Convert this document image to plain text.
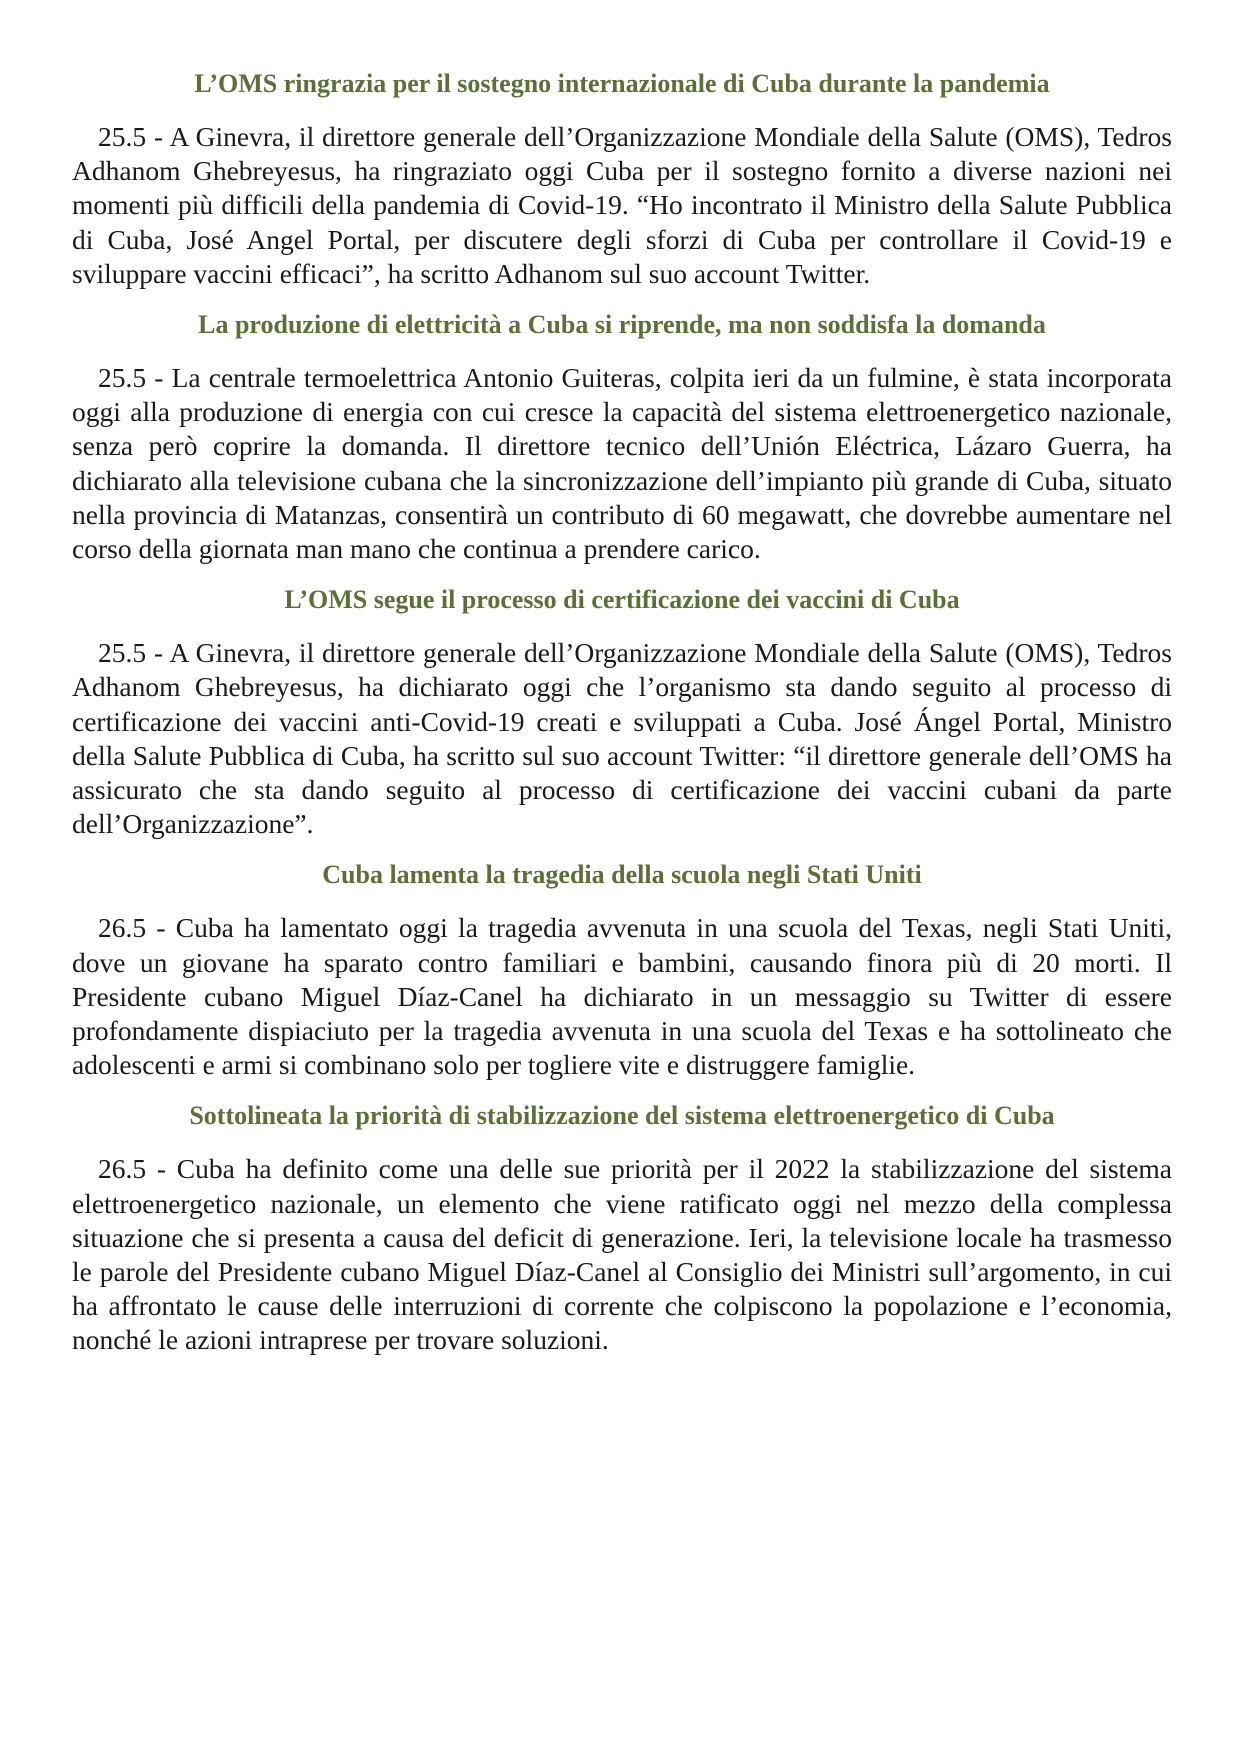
L’OMS ringrazia per il sostegno internazionale di Cuba durante la pandemia

25.5 - A Ginevra, il direttore generale dell’Organizzazione Mondiale della Salute (OMS), Tedros Adhanom Ghebreyesus, ha ringraziato oggi Cuba per il sostegno fornito a diverse nazioni nei momenti più difficili della pandemia di Covid-19. “Ho incontrato il Ministro della Salute Pubblica di Cuba, José Angel Portal, per discutere degli sforzi di Cuba per controllare il Covid-19 e sviluppare vaccini efficaci”, ha scritto Adhanom sul suo account Twitter.

La produzione di elettricità a Cuba si riprende, ma non soddisfa la domanda

25.5 - La centrale termoelettrica Antonio Guiteras, colpita ieri da un fulmine, è stata incorporata oggi alla produzione di energia con cui cresce la capacità del sistema elettroenergetico nazionale, senza però coprire la domanda. Il direttore tecnico dell’Unión Eléctrica, Lázaro Guerra, ha dichiarato alla televisione cubana che la sincronizzazione dell’impianto più grande di Cuba, situato nella provincia di Matanzas, consentirà un contributo di 60 megawatt, che dovrebbe aumentare nel corso della giornata man mano che continua a prendere carico.

L’OMS segue il processo di certificazione dei vaccini di Cuba

25.5 - A Ginevra, il direttore generale dell’Organizzazione Mondiale della Salute (OMS), Tedros Adhanom Ghebreyesus, ha dichiarato oggi che l’organismo sta dando seguito al processo di certificazione dei vaccini anti-Covid-19 creati e sviluppati a Cuba. José Ángel Portal, Ministro della Salute Pubblica di Cuba, ha scritto sul suo account Twitter: “il direttore generale dell’OMS ha assicurato che sta dando seguito al processo di certificazione dei vaccini cubani da parte dell’Organizzazione”.

Cuba lamenta la tragedia della scuola negli Stati Uniti

26.5 - Cuba ha lamentato oggi la tragedia avvenuta in una scuola del Texas, negli Stati Uniti, dove un giovane ha sparato contro familiari e bambini, causando finora più di 20 morti. Il Presidente cubano Miguel Díaz-Canel ha dichiarato in un messaggio su Twitter di essere profondamente dispiaciuto per la tragedia avvenuta in una scuola del Texas e ha sottolineato che adolescenti e armi si combinano solo per togliere vite e distruggere famiglie.

Sottolineata la priorità di stabilizzazione del sistema elettroenergetico di Cuba

26.5 - Cuba ha definito come una delle sue priorità per il 2022 la stabilizzazione del sistema elettroenergetico nazionale, un elemento che viene ratificato oggi nel mezzo della complessa situazione che si presenta a causa del deficit di generazione. Ieri, la televisione locale ha trasmesso le parole del Presidente cubano Miguel Díaz-Canel al Consiglio dei Ministri sull’argomento, in cui ha affrontato le cause delle interruzioni di corrente che colpiscono la popolazione e l’economia, nonché le azioni intraprese per trovare soluzioni.
